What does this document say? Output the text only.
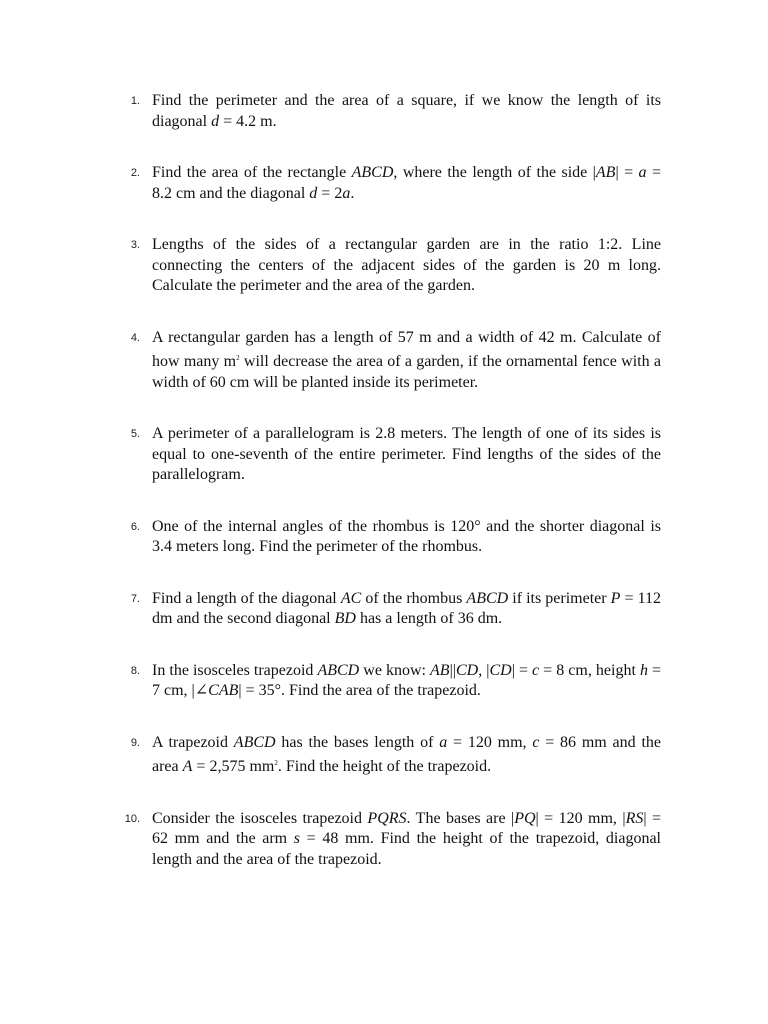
1. Find the perimeter and the area of a square, if we know the length of its diagonal d = 4.2 m.
2. Find the area of the rectangle ABCD, where the length of the side |AB| = a = 8.2 cm and the diagonal d = 2a.
3. Lengths of the sides of a rectangular garden are in the ratio 1:2. Line connecting the centers of the adjacent sides of the garden is 20 m long. Calculate the perimeter and the area of the garden.
4. A rectangular garden has a length of 57 m and a width of 42 m. Calculate of how many $m^2$ will decrease the area of a garden, if the ornamental fence with a width of 60 cm will be planted inside its perimeter.
5. A perimeter of a parallelogram is 2.8 meters. The length of one of its sides is equal to one-seventh of the entire perimeter. Find lengths of the sides of the parallelogram.
6. One of the internal angles of the rhombus is 120° and the shorter diagonal is 3.4 meters long. Find the perimeter of the rhombus.
7. Find a length of the diagonal AC of the rhombus ABCD if its perimeter P = 112 dm and the second diagonal BD has a length of 36 dm.
8. In the isosceles trapezoid ABCD we know: AB||CD, |CD| = c = 8 cm, height h = 7 cm, |∠CAB| = 35°. Find the area of the trapezoid.
9. A trapezoid ABCD has the bases length of a = 120 mm, c = 86 mm and the area A = 2,575 $mm^2$. Find the height of the trapezoid.
10. Consider the isosceles trapezoid PQRS. The bases are |PQ| = 120 mm, |RS| = 62 mm and the arm s = 48 mm. Find the height of the trapezoid, diagonal length and the area of the trapezoid.
